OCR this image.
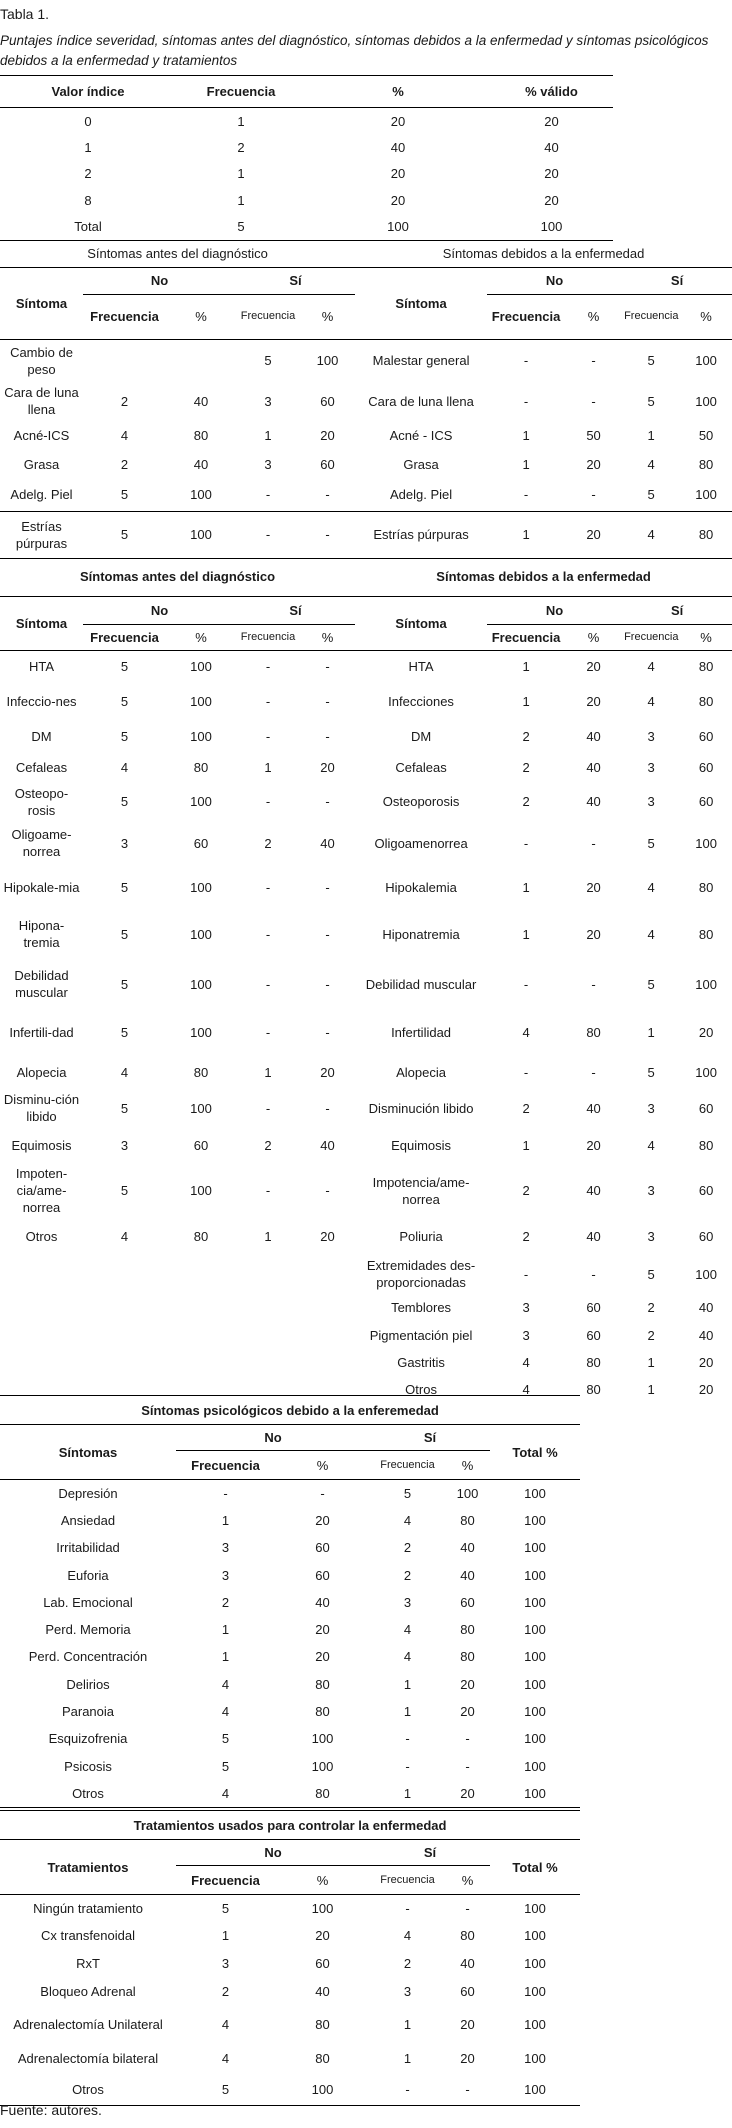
Tabla 1.
Puntajes índice severidad, síntomas antes del diagnóstico, síntomas debidos a la enfermedad y síntomas psicológicos debidos a la enfermedad y tratamientos
Valor índice	Frecuencia	%	% válido
0	1	20	20
1	2	40	40
2	1	20	20
8	1	20	20
Total	5	100	100
Síntomas antes del diagnóstico					Síntomas debidos a la enfermedad				
Síntoma	No		Sí		Síntoma	No		Sí	
	Frecuencia	%	Frecuencia	%		Frecuencia	%	Frecuencia	%
Cambio de peso			5	100	Malestar general	-	-	5	100
Cara de luna llena	2	40	3	60	Cara de luna llena	-	-	5	100
Acné-ICS	4	80	1	20	Acné - ICS	1	50	1	50
Grasa	2	40	3	60	Grasa	1	20	4	80
Adelg. Piel	5	100	-	-	Adelg. Piel	-	-	5	100
Estrías púrpuras	5	100	-	-	Estrías púrpuras	1	20	4	80
Síntomas antes del diagnóstico					Síntomas debidos a la enfermedad				
Síntoma	No		Sí		Síntoma	No		Sí	
	Frecuencia	%	Frecuencia	%		Frecuencia	%	Frecuencia	%
HTA	5	100	-	-	HTA	1	20	4	80
Infeccio-nes	5	100	-	-	Infecciones	1	20	4	80
DM	5	100	-	-	DM	2	40	3	60
Cefaleas	4	80	1	20	Cefaleas	2	40	3	60
Osteopo-rosis	5	100	-	-	Osteoporosis	2	40	3	60
Oligoame-norrea	3	60	2	40	Oligoamenorrea	-	-	5	100
Hipokale-mia	5	100	-	-	Hipokalemia	1	20	4	80
Hipona-tremia	5	100	-	-	Hiponatremia	1	20	4	80
Debilidad muscular	5	100	-	-	Debilidad muscular	-	-	5	100
Infertili-dad	5	100	-	-	Infertilidad	4	80	1	20
Alopecia	4	80	1	20	Alopecia	-	-	5	100
Disminu-ción libido	5	100	-	-	Disminución libido	2	40	3	60
Equimosis	3	60	2	40	Equimosis	1	20	4	80
Impoten-cia/ame-norrea	5	100	-	-	Impotencia/ame-norrea	2	40	3	60
Otros	4	80	1	20	Poliuria	2	40	3	60
					Extremidades des-proporcionadas	-	-	5	100
					Temblores	3	60	2	40
					Pigmentación piel	3	60	2	40
					Gastritis	4	80	1	20
					Otros	4	80	1	20
Síntomas psicológicos debido a la enferemedad					
Síntomas	No		Sí		Total %
	Frecuencia	%	Frecuencia	%	
Depresión	-	-	5	100	100
Ansiedad	1	20	4	80	100
Irritabilidad	3	60	2	40	100
Euforia	3	60	2	40	100
Lab. Emocional	2	40	3	60	100
Perd. Memoria	1	20	4	80	100
Perd. Concentración	1	20	4	80	100
Delirios	4	80	1	20	100
Paranoia	4	80	1	20	100
Esquizofrenia	5	100	-	-	100
Psicosis	5	100	-	-	100
Otros	4	80	1	20	100
Tratamientos usados para controlar la enfermedad					
Tratamientos	No		Sí		Total %
	Frecuencia	%	Frecuencia	%	
Ningún tratamiento	5	100	-	-	100
Cx transfenoidal	1	20	4	80	100
RxT	3	60	2	40	100
Bloqueo Adrenal	2	40	3	60	100
Adrenalectomía Unilateral	4	80	1	20	100
Adrenalectomía bilateral	4	80	1	20	100
Otros	5	100	-	-	100
Fuente: autores.
